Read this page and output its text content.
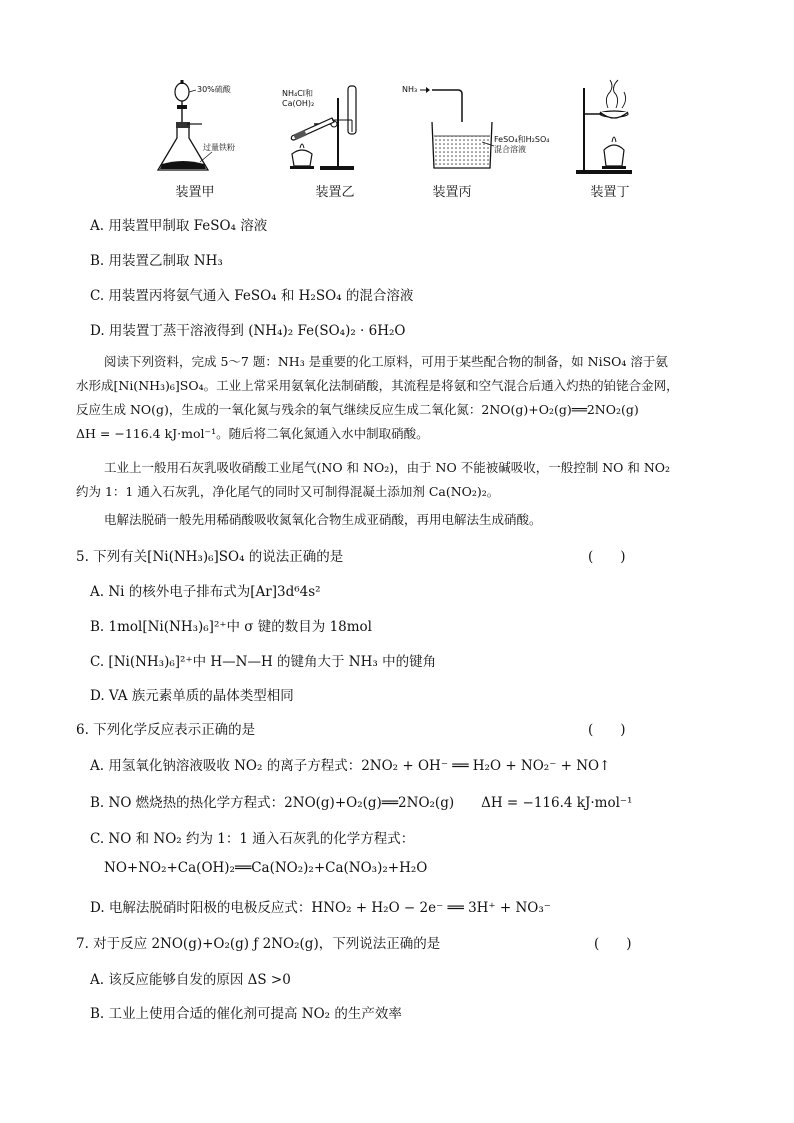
30%硫酸
过量铁粉
装置甲
NH₄Cl和
Ca(OH)₂
装置乙
NH₃
FeSO₄和H₂SO₄
混合溶液
装置丙	装置丁
A. 用装置甲制取 FeSO₄ 溶液
B. 用装置乙制取 NH₃
C. 用装置丙将氨气通入 FeSO₄ 和 H₂SO₄ 的混合溶液
D. 用装置丁蒸干溶液得到 (NH₄)₂ Fe(SO₄)₂ · 6H₂O
阅读下列资料，完成 5～7 题：NH₃ 是重要的化工原料，可用于某些配合物的制备，如 NiSO₄ 溶于氨
水形成[Ni(NH₃)₆]SO₄。工业上常采用氨氧化法制硝酸，其流程是将氨和空气混合后通入灼热的铂铑合金网，
反应生成 NO(g)，生成的一氧化氮与残余的氧气继续反应生成二氧化氮：2NO(g)+O₂(g)══2NO₂(g)
ΔH = −116.4 kJ·mol⁻¹。随后将二氧化氮通入水中制取硝酸。
工业上一般用石灰乳吸收硝酸工业尾气(NO 和 NO₂)，由于 NO 不能被碱吸收，一般控制 NO 和 NO₂
约为 1：1 通入石灰乳，净化尾气的同时又可制得混凝土添加剂 Ca(NO₂)₂。
电解法脱硝一般先用稀硝酸吸收氮氧化合物生成亚硝酸，再用电解法生成硝酸。
5. 下列有关[Ni(NH₃)₆]SO₄ 的说法正确的是	(　　)
A. Ni 的核外电子排布式为[Ar]3d⁶4s²
B. 1mol[Ni(NH₃)₆]²⁺中 σ 键的数目为 18mol
C. [Ni(NH₃)₆]²⁺中 H—N—H 的键角大于 NH₃ 中的键角
D. VA 族元素单质的晶体类型相同
6. 下列化学反应表示正确的是	(　　)
A. 用氢氧化钠溶液吸收 NO₂ 的离子方程式：2NO₂ + OH⁻ ══ H₂O + NO₂⁻ + NO↑
B. NO 燃烧热的热化学方程式：2NO(g)+O₂(g)══2NO₂(g)　　ΔH = −116.4 kJ·mol⁻¹
C. NO 和 NO₂ 约为 1：1 通入石灰乳的化学方程式：
NO+NO₂+Ca(OH)₂══Ca(NO₂)₂+Ca(NO₃)₂+H₂O
D. 电解法脱硝时阳极的电极反应式：HNO₂ + H₂O − 2e⁻ ══ 3H⁺ + NO₃⁻
7. 对于反应 2NO(g)+O₂(g) ƒ 2NO₂(g)，下列说法正确的是	(　　)
A. 该反应能够自发的原因 ΔS >0
B. 工业上使用合适的催化剂可提高 NO₂ 的生产效率
